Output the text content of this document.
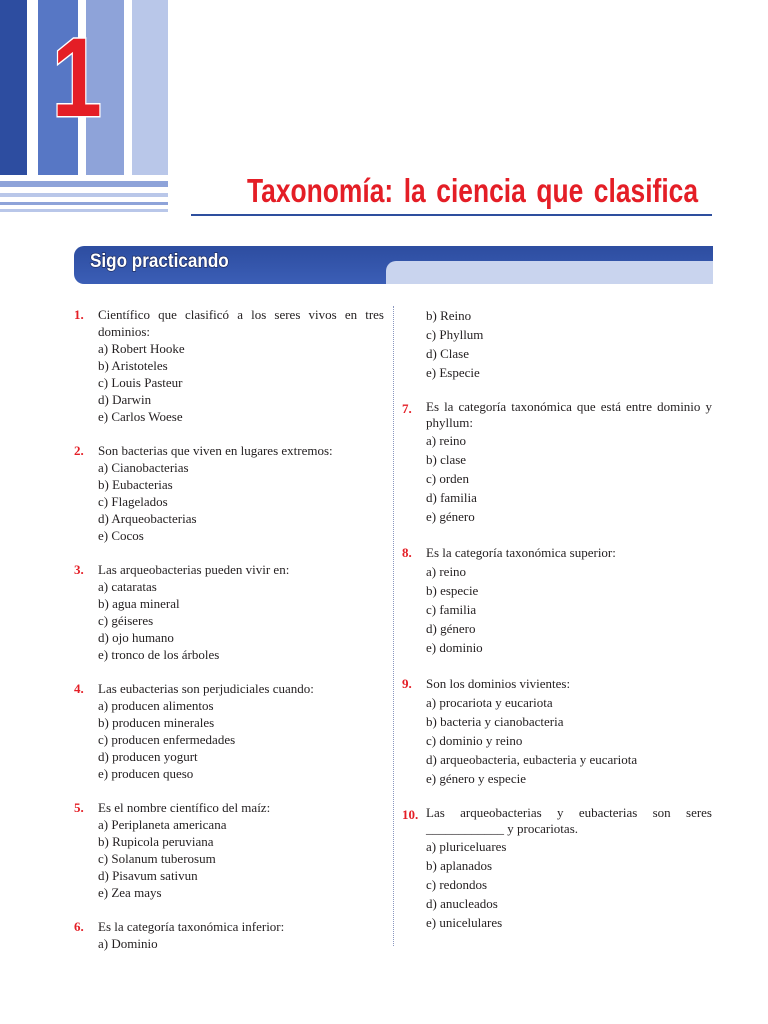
1
Taxonomía: la ciencia que clasifica
Sigo practicando
1. Científico que clasificó a los seres vivos en tres dominios:
a) Robert Hooke
b) Aristoteles
c) Louis Pasteur
d) Darwin
e) Carlos Woese
2. Son bacterias que viven en lugares extremos:
a) Cianobacterias
b) Eubacterias
c) Flagelados
d) Arqueobacterias
e) Cocos
3. Las arqueobacterias pueden vivir en:
a) cataratas
b) agua mineral
c) géiseres
d) ojo humano
e) tronco de los árboles
4. Las eubacterias son perjudiciales cuando:
a) producen alimentos
b) producen minerales
c) producen enfermedades
d) producen yogurt
e) producen queso
5. Es el nombre científico del maíz:
a) Periplaneta americana
b) Rupicola peruviana
c) Solanum tuberosum
d) Pisavum sativun
e) Zea mays
6. Es la categoría taxonómica inferior:
a) Dominio
b) Reino
c) Phyllum
d) Clase
e) Especie
7. Es la categoría taxonómica que está entre dominio y phyllum:
a) reino
b) clase
c) orden
d) familia
e) género
8. Es la categoría taxonómica superior:
a) reino
b) especie
c) familia
d) género
e) dominio
9. Son los dominios vivientes:
a) procariota y eucariota
b) bacteria y cianobacteria
c) dominio y reino
d) arqueobacteria, eubacteria y eucariota
e) género y especie
10. Las arqueobacterias y eubacterias son seres ____________ y procariotas.
a) pluriceluares
b) aplanados
c) redondos
d) anucleados
e) unicelulares
